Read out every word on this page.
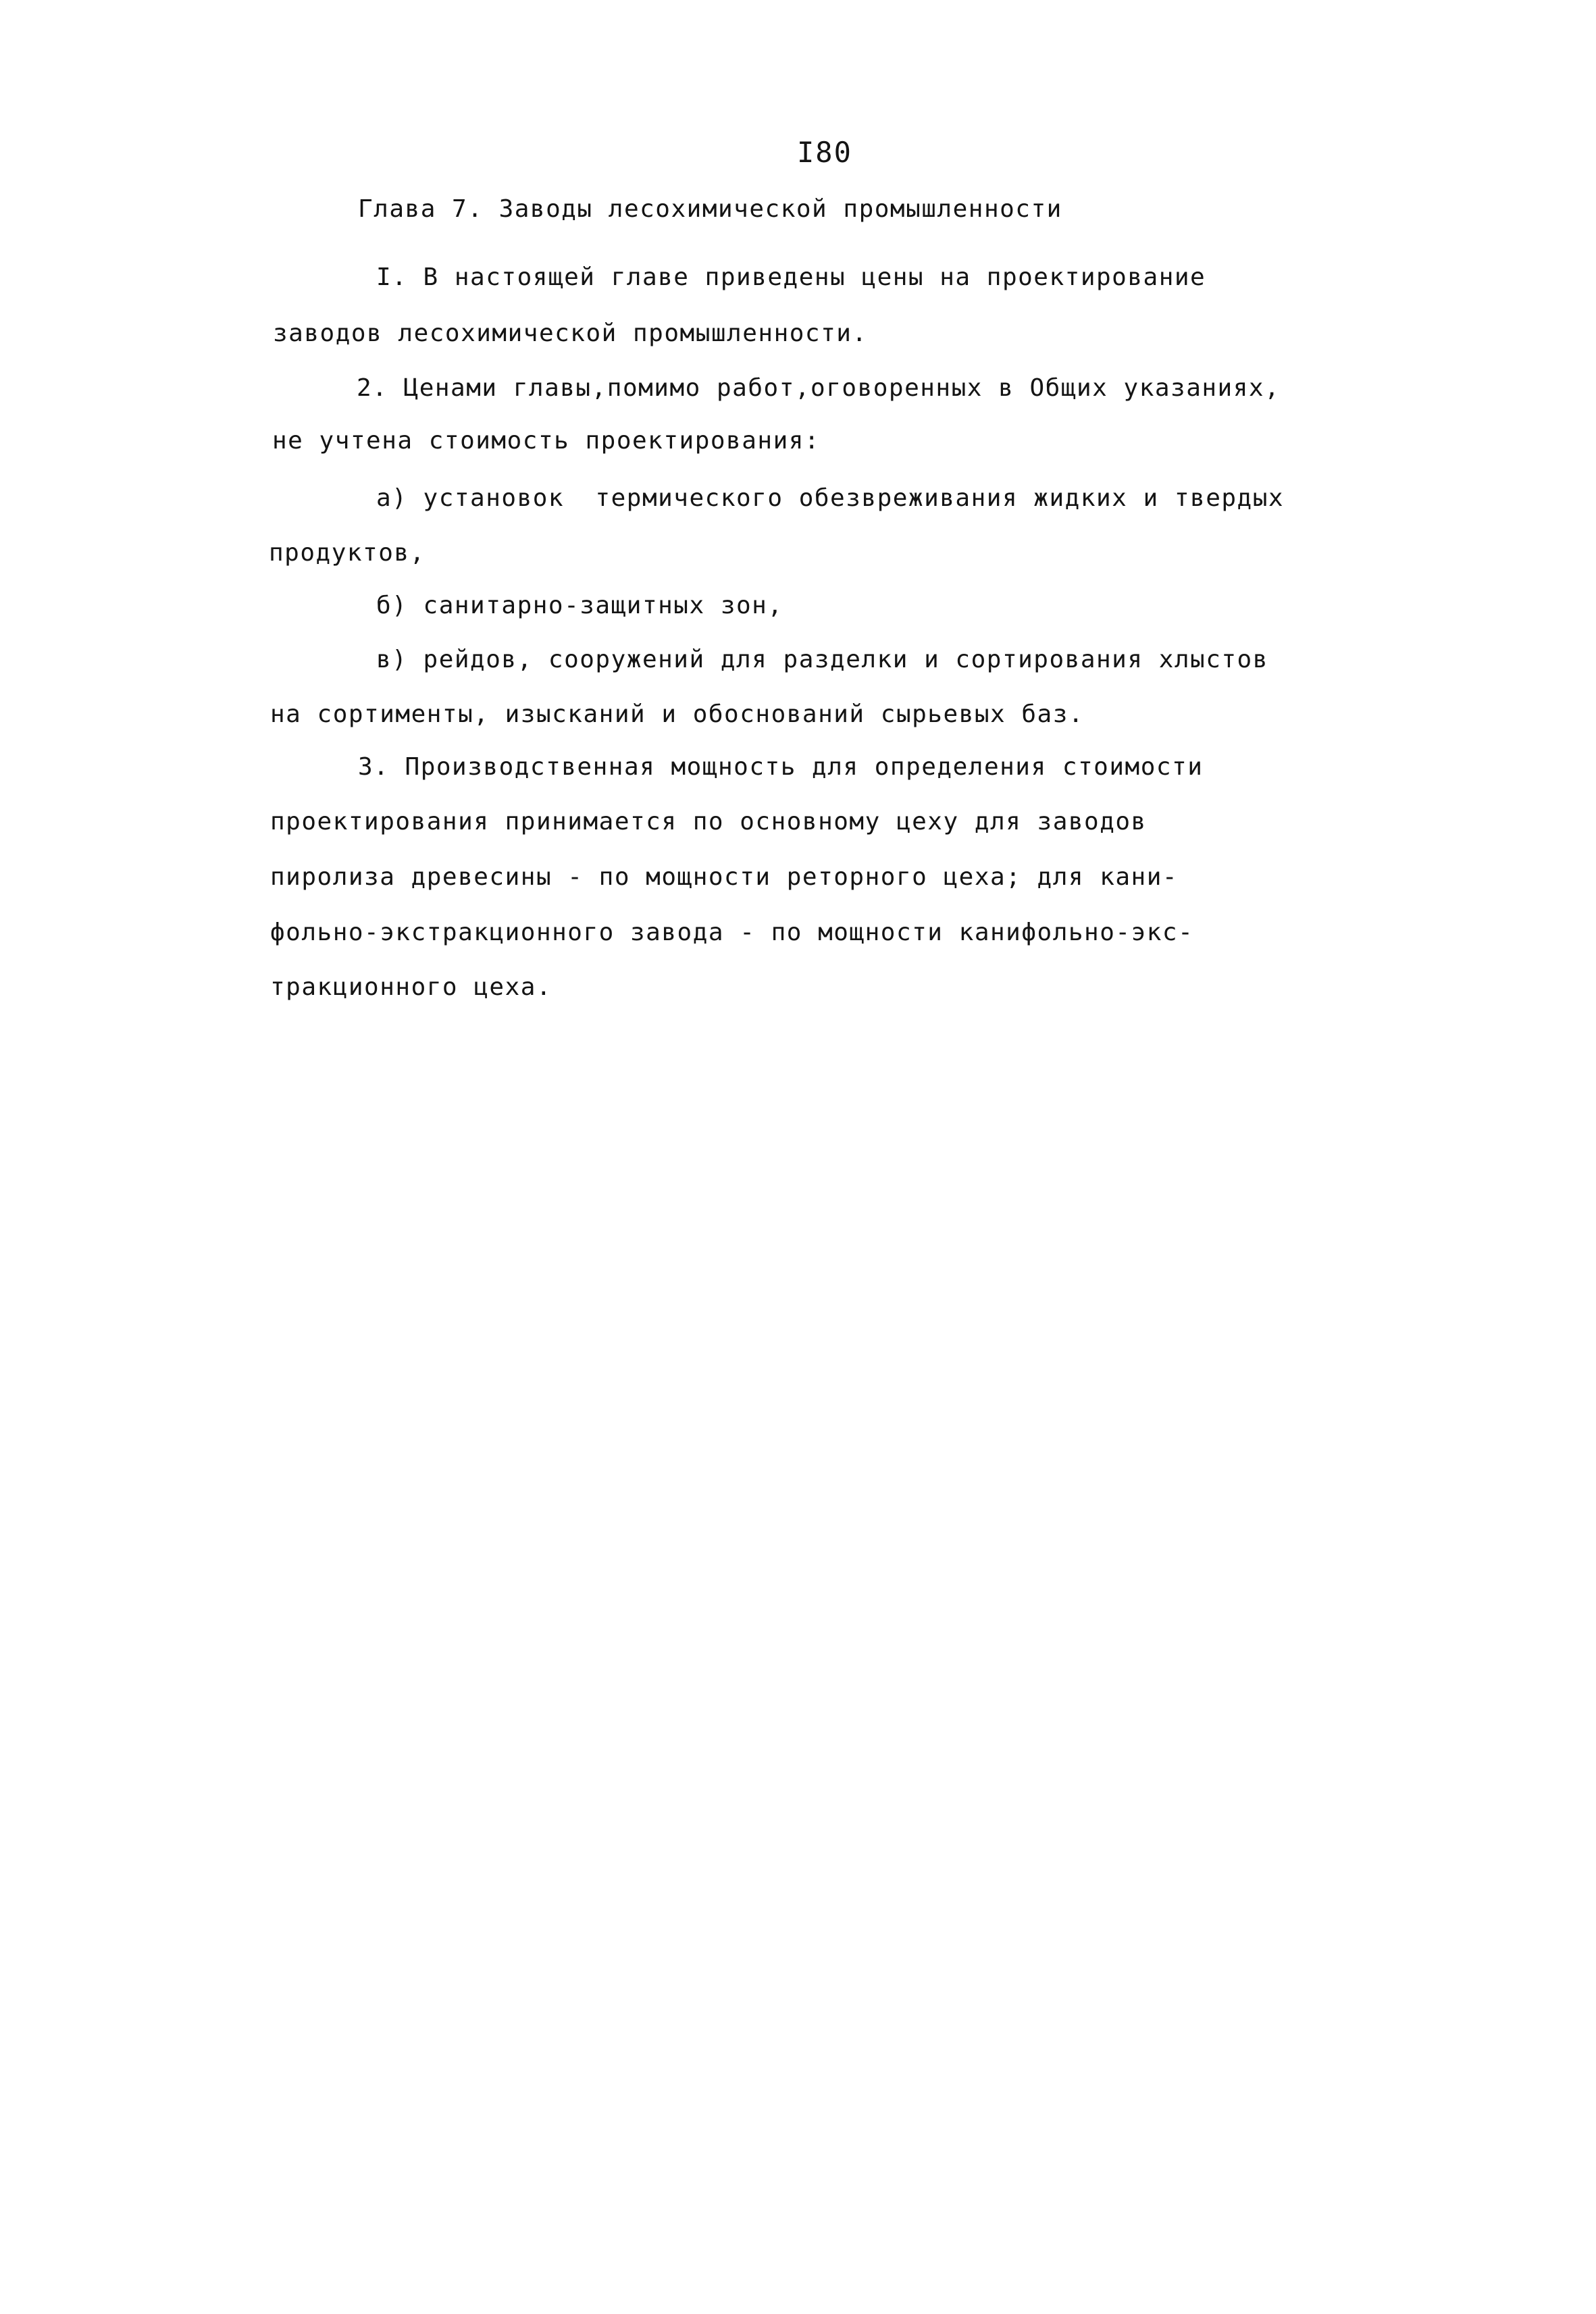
I80
Глава 7. Заводы лесохимической промышленности
I. В настоящей главе приведены цены на проектирование
заводов лесохимической промышленности.
2. Ценами главы,помимо работ,оговоренных в Общих указаниях,
не учтена стоимость проектирования:
а) установок  термического обезвреживания жидких и твердых
продуктов,
б) санитарно-защитных зон,
в) рейдов, сооружений для разделки и сортирования хлыстов
на сортименты, изысканий и обоснований сырьевых баз.
3. Производственная мощность для определения стоимости
проектирования принимается по основному цеху для заводов
пиролиза древесины - по мощности реторного цеха; для кани-
фольно-экстракционного завода - по мощности канифольно-экс-
тракционного цеха.
